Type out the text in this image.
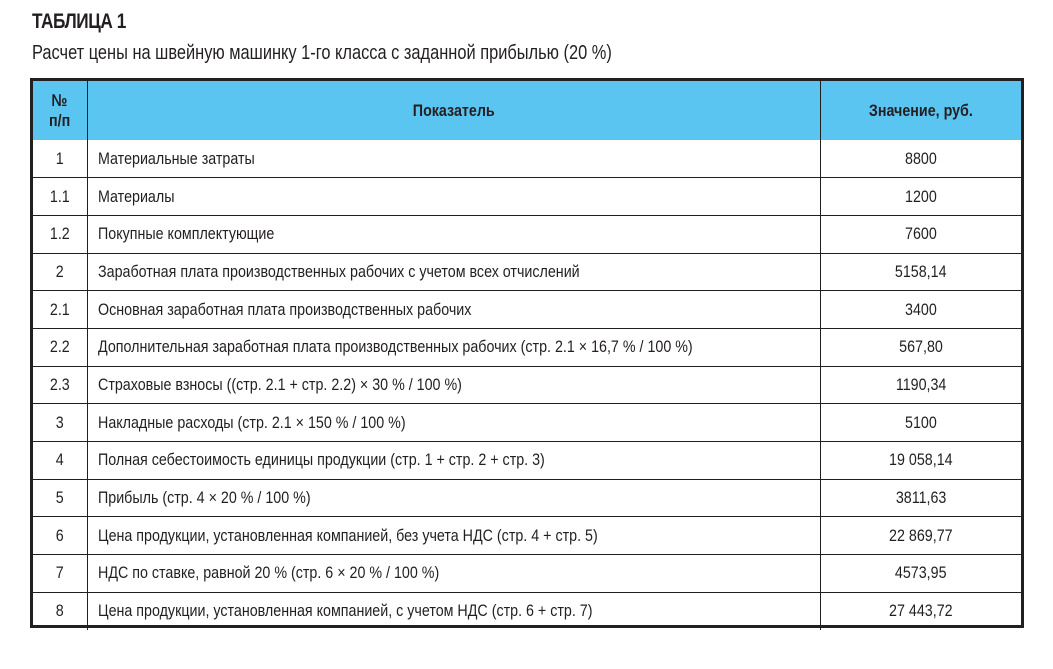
ТАБЛИЦА 1
Расчет цены на швейную машинку 1-го класса с заданной прибылью (20 %)
№
п/п	Показатель	Значение, руб.
1	Материальные затраты	8800
1.1	Материалы	1200
1.2	Покупные комплектующие	7600
2	Заработная плата производственных рабочих с учетом всех отчислений	5158,14
2.1	Основная заработная плата производственных рабочих	3400
2.2	Дополнительная заработная плата производственных рабочих (стр. 2.1 × 16,7 % / 100 %)	567,80
2.3	Страховые взносы ((стр. 2.1 + стр. 2.2) × 30 % / 100 %)	1190,34
3	Накладные расходы (стр. 2.1 × 150 % / 100 %)	5100
4	Полная себестоимость единицы продукции (стр. 1 + стр. 2 + стр. 3)	19 058,14
5	Прибыль (стр. 4 × 20 % / 100 %)	3811,63
6	Цена продукции, установленная компанией, без учета НДС (стр. 4 + стр. 5)	22 869,77
7	НДС по ставке, равной 20 % (стр. 6 × 20 % / 100 %)	4573,95
8	Цена продукции, установленная компанией, с учетом НДС (стр. 6 + стр. 7)	27 443,72
